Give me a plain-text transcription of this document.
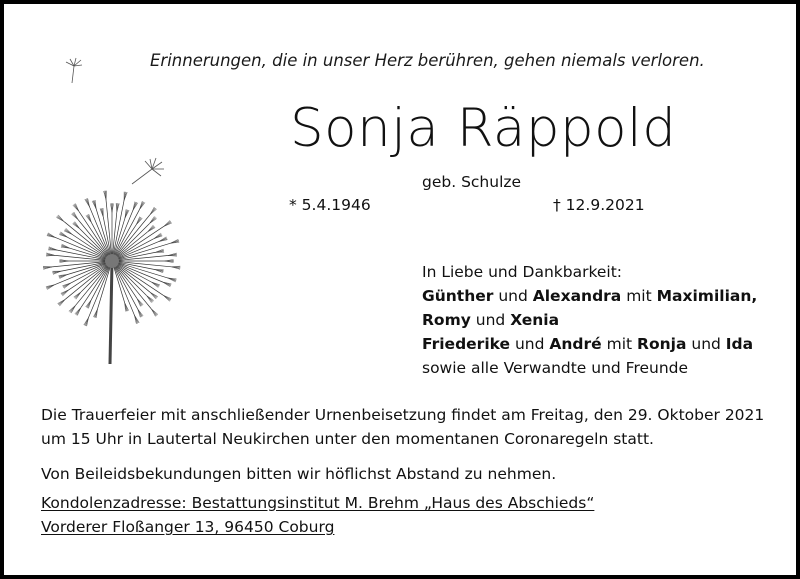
Erinnerungen, die in unser Herz berühren, gehen niemals verloren.
Sonja Räppold
geb. Schulze
* 5.4.1946	† 12.9.2021
In Liebe und Dankbarkeit:
Günther und Alexandra mit Maximilian,
Romy und Xenia
Friederike und André mit Ronja und Ida
sowie alle Verwandte und Freunde
Die Trauerfeier mit anschließender Urnenbeisetzung findet am Freitag, den 29. Oktober 2021
um 15 Uhr in Lautertal Neukirchen unter den momentanen Coronaregeln statt.
Von Beileidsbekundungen bitten wir höflichst Abstand zu nehmen.
Kondolenzadresse: Bestattungsinstitut M. Brehm „Haus des Abschieds“
Vorderer Floßanger 13, 96450 Coburg
